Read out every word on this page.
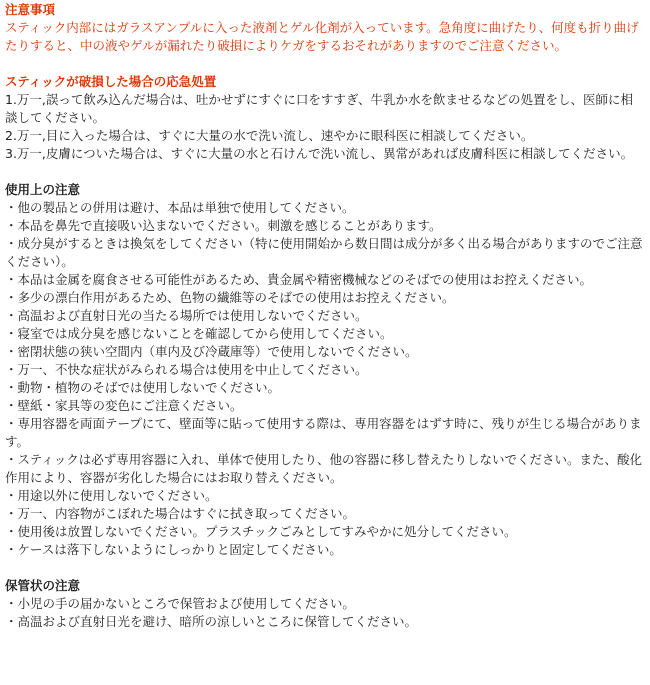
注意事項

スティック内部にはガラスアンプルに入った液剤とゲル化剤が入っています。急角度に曲げたり、何度も折り曲げたりすると、中の液やゲルが漏れたり破損によりケガをするおそれがありますのでご注意ください。

スティックが破損した場合の応急処置

1.万一,誤って飲み込んだ場合は、吐かせずにすぐに口をすすぎ、牛乳か水を飲ませるなどの処置をし、医師に相談してください。

2.万一,目に入った場合は、すぐに大量の水で洗い流し、速やかに眼科医に相談してください。

3.万一,皮膚についた場合は、すぐに大量の水と石けんで洗い流し、異常があれば皮膚科医に相談してください。

使用上の注意

・他の製品との併用は避け、本品は単独で使用してください。

・本品を鼻先で直接吸い込まないでください。刺激を感じることがあります。

・成分臭がするときは換気をしてください（特に使用開始から数日間は成分が多く出る場合がありますのでご注意ください）。

・本品は金属を腐食させる可能性があるため、貴金属や精密機械などのそばでの使用はお控えください。

・多少の漂白作用があるため、色物の繊維等のそばでの使用はお控えください。

・高温および直射日光の当たる場所では使用しないでください。

・寝室では成分臭を感じないことを確認してから使用してください。

・密閉状態の狭い空間内（車内及び冷蔵庫等）で使用しないでください。

・万一、不快な症状がみられる場合は使用を中止してください。

・動物・植物のそばでは使用しないでください。

・壁紙・家具等の変色にご注意ください。

・専用容器を両面テープにて、壁面等に貼って使用する際は、専用容器をはずす時に、残りが生じる場合があります。

・スティックは必ず専用容器に入れ、単体で使用したり、他の容器に移し替えたりしないでください。また、酸化作用により、容器が劣化した場合にはお取り替えください。

・用途以外に使用しないでください。

・万一、内容物がこぼれた場合はすぐに拭き取ってください。

・使用後は放置しないでください。プラスチックごみとしてすみやかに処分してください。

・ケースは落下しないようにしっかりと固定してください。

保管状の注意

・小児の手の届かないところで保管および使用してください。

・高温および直射日光を避け、暗所の涼しいところに保管してください。
